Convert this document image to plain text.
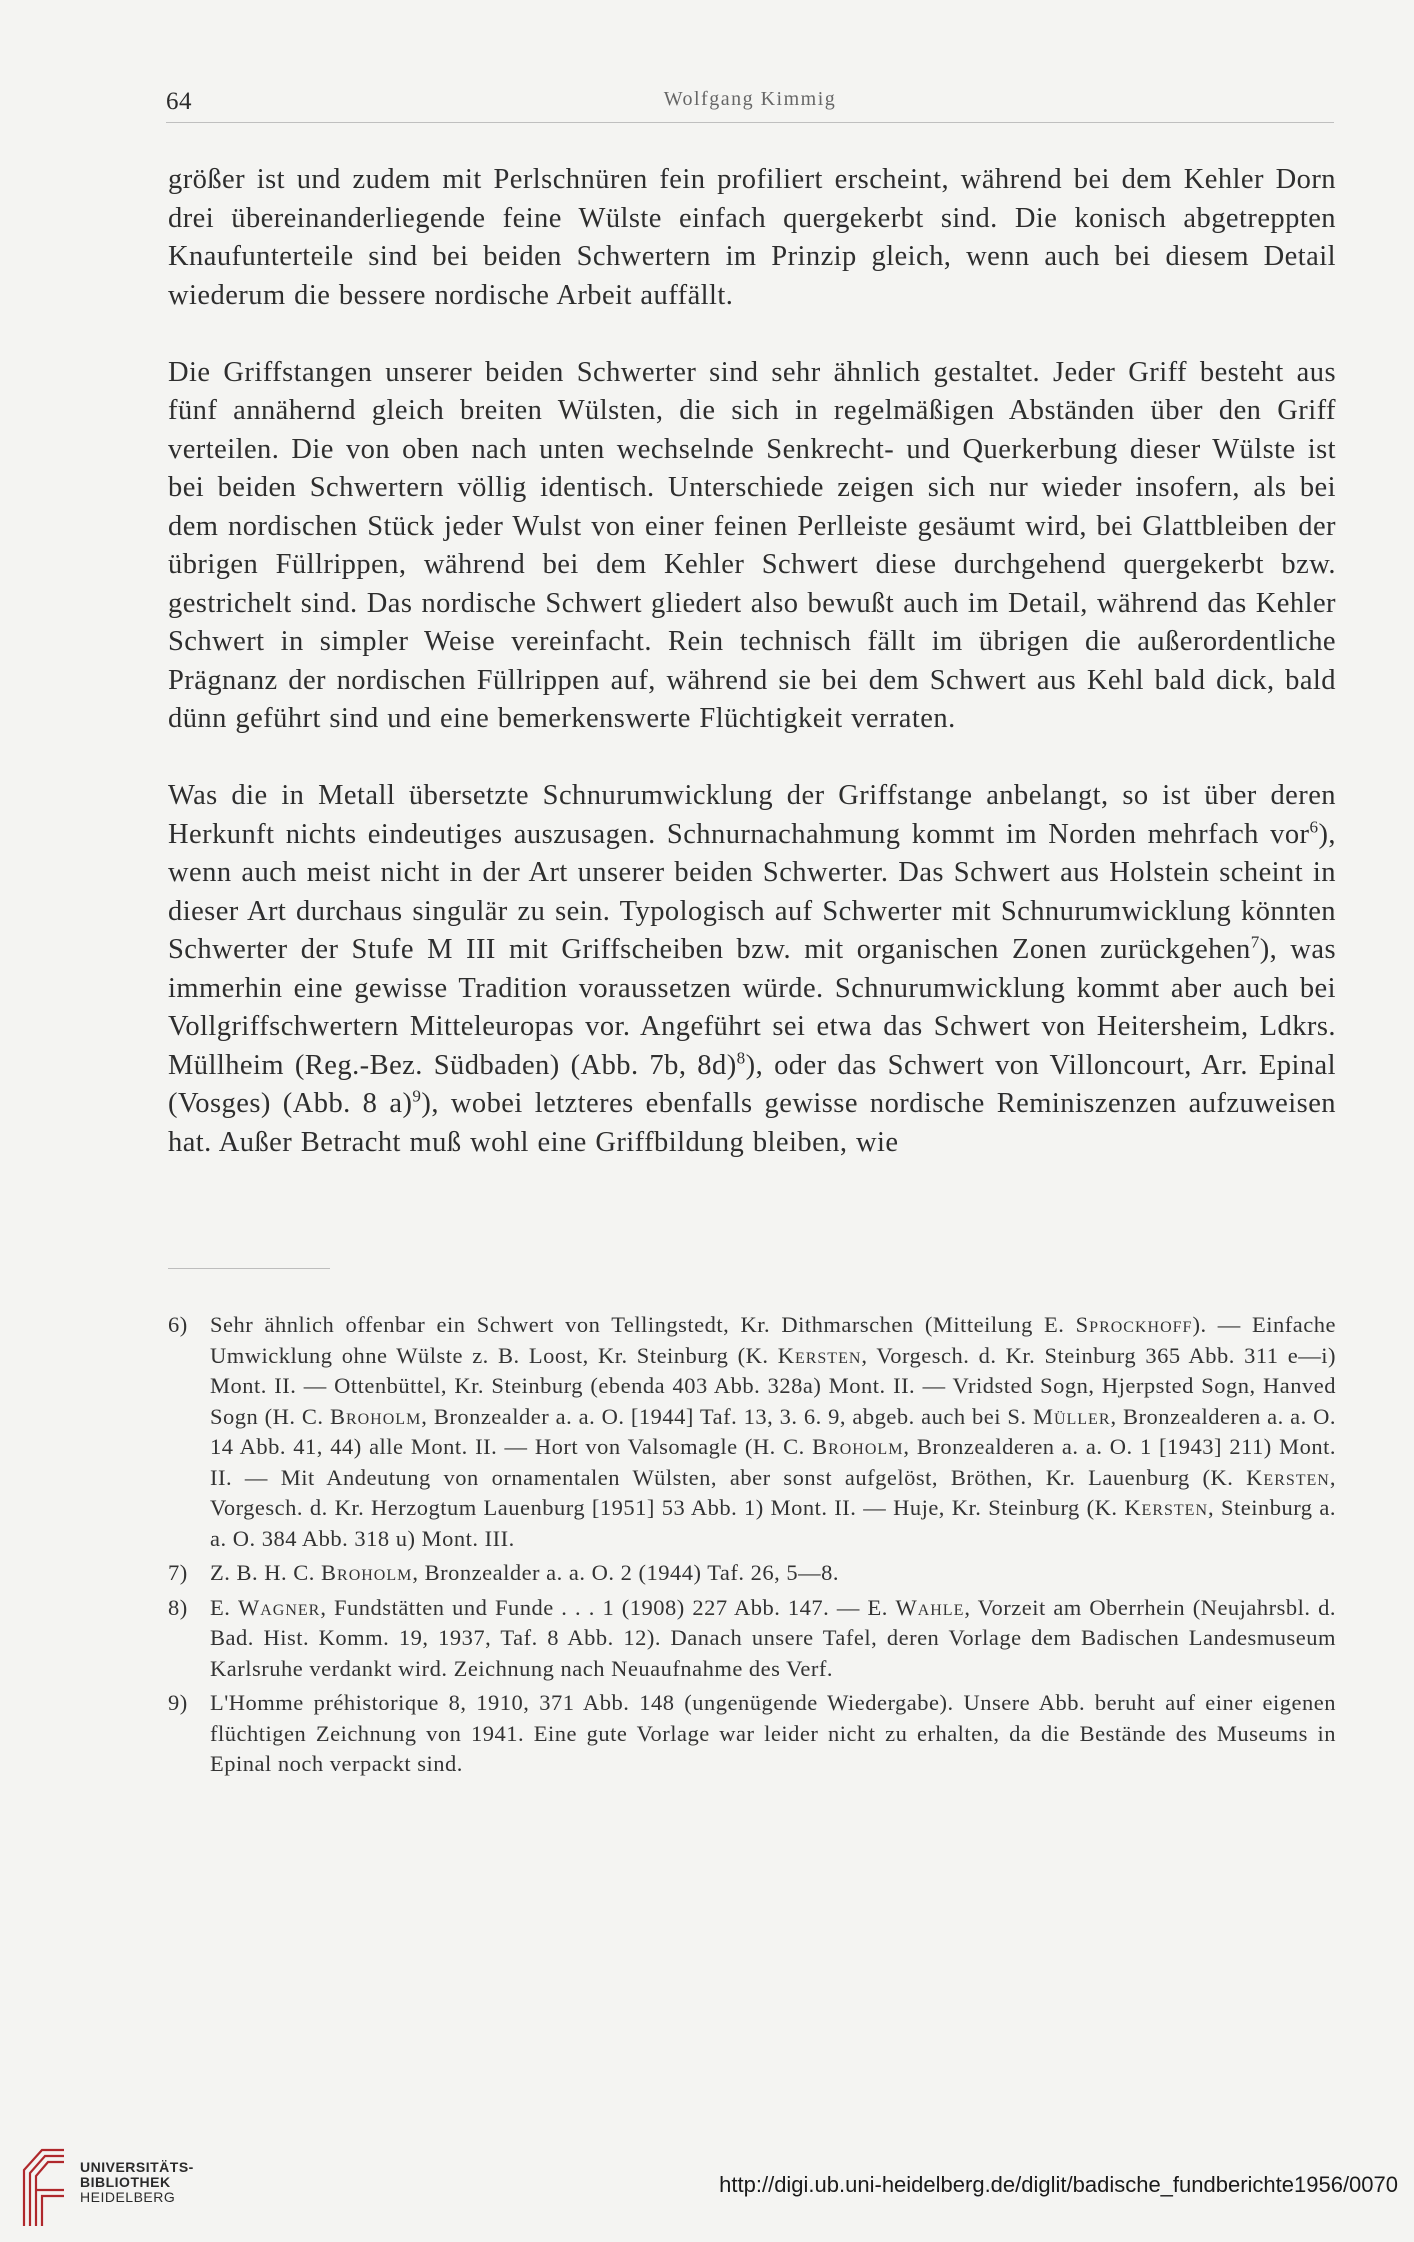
64	Wolfgang Kimmig

größer ist und zudem mit Perlschnüren fein profiliert erscheint, während bei dem Kehler Dorn drei übereinanderliegende feine Wülste einfach quergekerbt sind. Die konisch abgetreppten Knaufunterteile sind bei beiden Schwertern im Prinzip gleich, wenn auch bei diesem Detail wiederum die bessere nordische Arbeit auffällt.

Die Griffstangen unserer beiden Schwerter sind sehr ähnlich gestaltet. Jeder Griff besteht aus fünf annähernd gleich breiten Wülsten, die sich in regelmäßigen Abständen über den Griff verteilen. Die von oben nach unten wechselnde Senkrecht- und Querkerbung dieser Wülste ist bei beiden Schwertern völlig identisch. Unterschiede zeigen sich nur wieder insofern, als bei dem nordischen Stück jeder Wulst von einer feinen Perlleiste gesäumt wird, bei Glattbleiben der übrigen Füllrippen, während bei dem Kehler Schwert diese durchgehend quergekerbt bzw. gestrichelt sind. Das nordische Schwert gliedert also bewußt auch im Detail, während das Kehler Schwert in simpler Weise vereinfacht. Rein technisch fällt im übrigen die außerordentliche Prägnanz der nordischen Füllrippen auf, während sie bei dem Schwert aus Kehl bald dick, bald dünn geführt sind und eine bemerkenswerte Flüchtigkeit verraten.

Was die in Metall übersetzte Schnurumwicklung der Griffstange anbelangt, so ist über deren Herkunft nichts eindeutiges auszusagen. Schnurnachahmung kommt im Norden mehrfach vor$^6$), wenn auch meist nicht in der Art unserer beiden Schwerter. Das Schwert aus Holstein scheint in dieser Art durchaus singulär zu sein. Typologisch auf Schwerter mit Schnurumwicklung könnten Schwerter der Stufe M III mit Griffscheiben bzw. mit organischen Zonen zurückgehen$^7$), was immerhin eine gewisse Tradition voraussetzen würde. Schnurumwicklung kommt aber auch bei Vollgriffschwertern Mitteleuropas vor. Angeführt sei etwa das Schwert von Heitersheim, Ldkrs. Müllheim (Reg.-Bez. Südbaden) (Abb. 7b, 8d)$^8$), oder das Schwert von Villoncourt, Arr. Epinal (Vosges) (Abb. 8 a)$^9$), wobei letzteres ebenfalls gewisse nordische Reminiszenzen aufzuweisen hat. Außer Betracht muß wohl eine Griffbildung bleiben, wie

6) Sehr ähnlich offenbar ein Schwert von Tellingstedt, Kr. Dithmarschen (Mitteilung E. Sprockhoff). — Einfache Umwicklung ohne Wülste z. B. Loost, Kr. Steinburg (K. Kersten, Vorgesch. d. Kr. Steinburg 365 Abb. 311 e—i) Mont. II. — Ottenbüttel, Kr. Steinburg (ebenda 403 Abb. 328a) Mont. II. — Vridsted Sogn, Hjerpsted Sogn, Hanved Sogn (H. C. Broholm, Bronzealder a. a. O. [1944] Taf. 13, 3. 6. 9, abgeb. auch bei S. Müller, Bronzealderen a. a. O. 14 Abb. 41, 44) alle Mont. II. — Hort von Valsomagle (H. C. Broholm, Bronzealderen a. a. O. 1 [1943] 211) Mont. II. — Mit Andeutung von ornamentalen Wülsten, aber sonst aufgelöst, Bröthen, Kr. Lauenburg (K. Kersten, Vorgesch. d. Kr. Herzogtum Lauenburg [1951] 53 Abb. 1) Mont. II. — Huje, Kr. Steinburg (K. Kersten, Steinburg a. a. O. 384 Abb. 318 u) Mont. III.

7) Z. B. H. C. Broholm, Bronzealder a. a. O. 2 (1944) Taf. 26, 5—8.

8) E. Wagner, Fundstätten und Funde . . . 1 (1908) 227 Abb. 147. — E. Wahle, Vorzeit am Oberrhein (Neujahrsbl. d. Bad. Hist. Komm. 19, 1937, Taf. 8 Abb. 12). Danach unsere Tafel, deren Vorlage dem Badischen Landesmuseum Karlsruhe verdankt wird. Zeichnung nach Neuaufnahme des Verf.

9) L'Homme préhistorique 8, 1910, 371 Abb. 148 (ungenügende Wiedergabe). Unsere Abb. beruht auf einer eigenen flüchtigen Zeichnung von 1941. Eine gute Vorlage war leider nicht zu erhalten, da die Bestände des Museums in Epinal noch verpackt sind.

UNIVERSITÄTS-
BIBLIOTHEK
HEIDELBERG	http://digi.ub.uni-heidelberg.de/diglit/badische_fundberichte1956/0070
